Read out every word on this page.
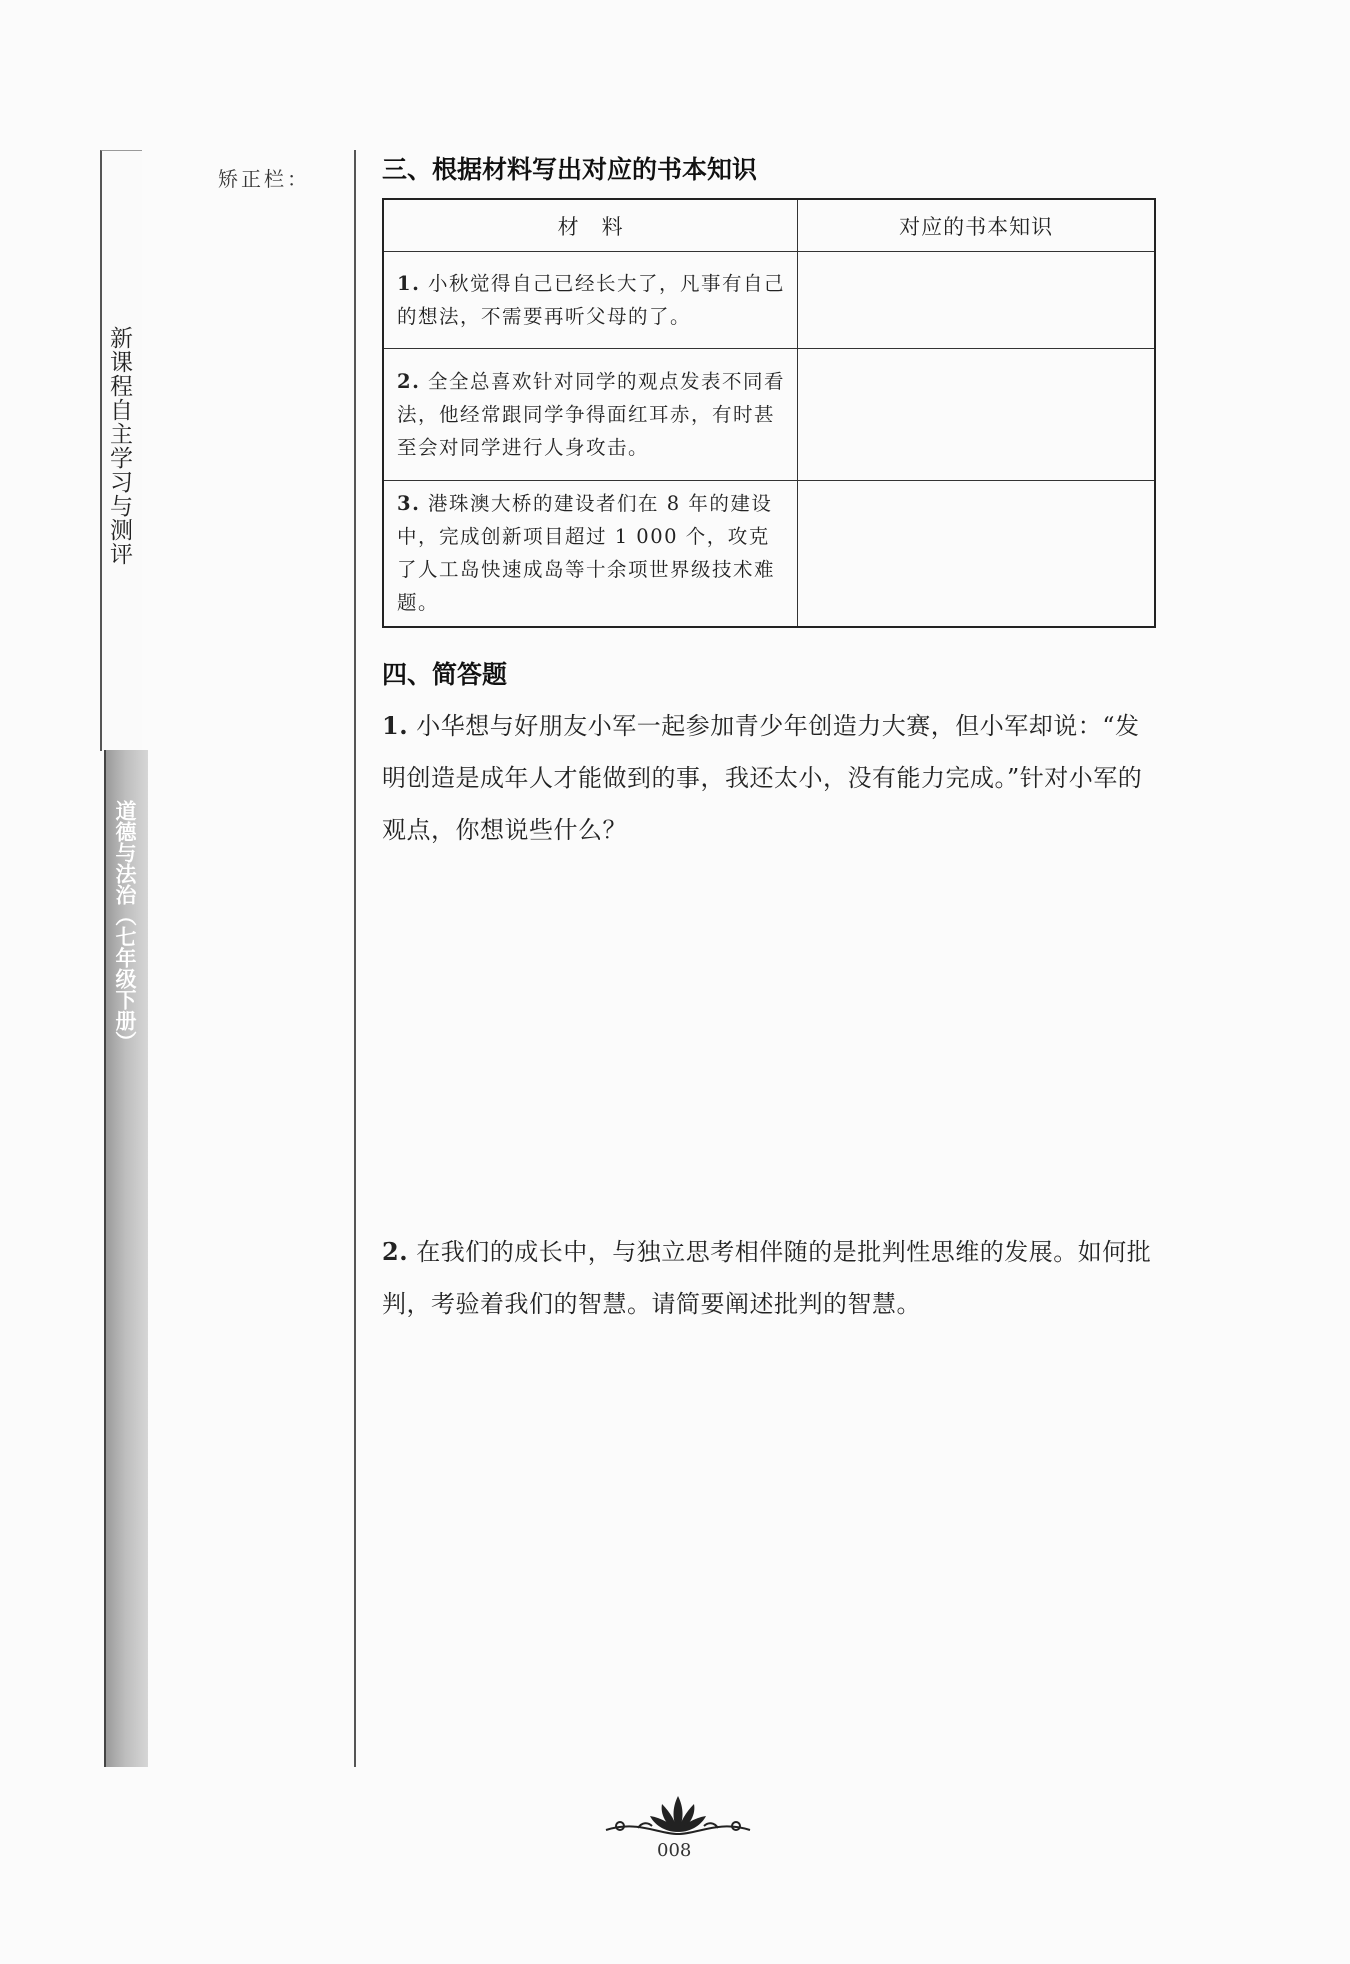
新课程自主学习与测评
道德与法治（七年级下册）
矫正栏：	三、根据材料写出对应的书本知识
材　料	对应的书本知识
1. 小秋觉得自己已经长大了，凡事有自己的想法，不需要再听父母的了。	
2. 全全总喜欢针对同学的观点发表不同看法，他经常跟同学争得面红耳赤，有时甚至会对同学进行人身攻击。	
3. 港珠澳大桥的建设者们在 8 年的建设中，完成创新项目超过 1 000 个，攻克了人工岛快速成岛等十余项世界级技术难题。	
四、简答题
1. 小华想与好朋友小军一起参加青少年创造力大赛，但小军却说：“发明创造是成年人才能做到的事，我还太小，没有能力完成。”针对小军的观点，你想说些什么？
2. 在我们的成长中，与独立思考相伴随的是批判性思维的发展。如何批判，考验着我们的智慧。请简要阐述批判的智慧。
008
